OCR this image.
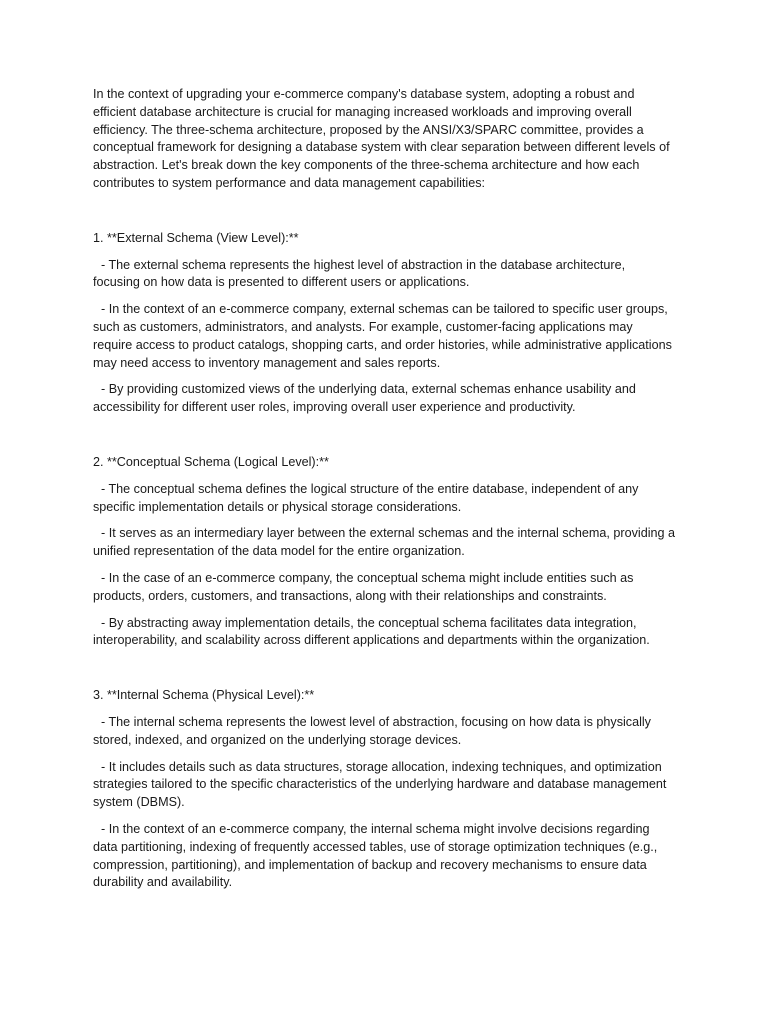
In the context of upgrading your e-commerce company's database system, adopting a robust and efficient database architecture is crucial for managing increased workloads and improving overall efficiency. The three-schema architecture, proposed by the ANSI/X3/SPARC committee, provides a conceptual framework for designing a database system with clear separation between different levels of abstraction. Let's break down the key components of the three-schema architecture and how each contributes to system performance and data management capabilities:

1. **External Schema (View Level):**

- The external schema represents the highest level of abstraction in the database architecture, focusing on how data is presented to different users or applications.

- In the context of an e-commerce company, external schemas can be tailored to specific user groups, such as customers, administrators, and analysts. For example, customer-facing applications may require access to product catalogs, shopping carts, and order histories, while administrative applications may need access to inventory management and sales reports.

- By providing customized views of the underlying data, external schemas enhance usability and accessibility for different user roles, improving overall user experience and productivity.

2. **Conceptual Schema (Logical Level):**

- The conceptual schema defines the logical structure of the entire database, independent of any specific implementation details or physical storage considerations.

- It serves as an intermediary layer between the external schemas and the internal schema, providing a unified representation of the data model for the entire organization.

- In the case of an e-commerce company, the conceptual schema might include entities such as products, orders, customers, and transactions, along with their relationships and constraints.

- By abstracting away implementation details, the conceptual schema facilitates data integration, interoperability, and scalability across different applications and departments within the organization.

3. **Internal Schema (Physical Level):**

- The internal schema represents the lowest level of abstraction, focusing on how data is physically stored, indexed, and organized on the underlying storage devices.

- It includes details such as data structures, storage allocation, indexing techniques, and optimization strategies tailored to the specific characteristics of the underlying hardware and database management system (DBMS).

- In the context of an e-commerce company, the internal schema might involve decisions regarding data partitioning, indexing of frequently accessed tables, use of storage optimization techniques (e.g., compression, partitioning), and implementation of backup and recovery mechanisms to ensure data durability and availability.
